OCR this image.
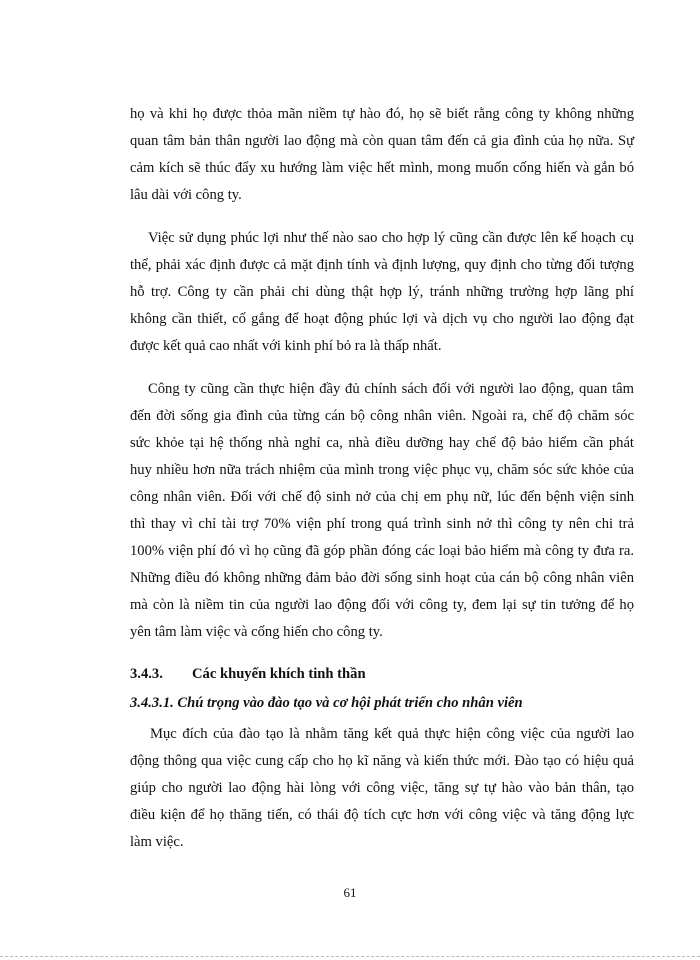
họ và khi họ được thỏa mãn niềm tự hào đó, họ sẽ biết rằng công ty không những
quan tâm bản thân người lao động mà còn quan tâm đến cả gia đình của họ nữa. Sự
cảm kích sẽ thúc đẩy xu hướng làm việc hết mình, mong muốn cống hiến và gắn bó
lâu dài với công ty.
Việc sử dụng phúc lợi như thế nào sao cho hợp lý cũng cần được lên kế hoạch cụ
thể, phải xác định được cả mặt định tính và định lượng, quy định cho từng đối tượng
hỗ trợ. Công ty cần phải chi dùng thật hợp lý, tránh những trường hợp lãng phí
không cần thiết, cố gắng để hoạt động phúc lợi và dịch vụ cho người lao động đạt
được kết quả cao nhất với kinh phí bỏ ra là thấp nhất.
Công ty cũng cần thực hiện đầy đủ chính sách đối với người lao động, quan tâm
đến đời sống gia đình của từng cán bộ công nhân viên. Ngoài ra, chế độ chăm sóc
sức khỏe tại hệ thống nhà nghỉ ca, nhà điều dưỡng hay chế độ bảo hiểm cần phát
huy nhiều hơn nữa trách nhiệm của mình trong việc phục vụ, chăm sóc sức khỏe của
công nhân viên. Đối với chế độ sinh nở của chị em phụ nữ, lúc đến bệnh viện sinh
thì thay vì chỉ tài trợ 70% viện phí trong quá trình sinh nở thì công ty nên chi trả
100% viện phí đó vì họ cũng đã góp phần đóng các loại bảo hiểm mà công ty đưa ra.
Những điều đó không những đảm bảo đời sống sinh hoạt của cán bộ công nhân viên
mà còn là niềm tin của người lao động đối với công ty, đem lại sự tin tưởng để họ
yên tâm làm việc và cống hiến cho công ty.
3.4.3. Các khuyến khích tinh thần
3.4.3.1. Chú trọng vào đào tạo và cơ hội phát triển cho nhân viên
Mục đích của đào tạo là nhằm tăng kết quả thực hiện công việc của người lao
động thông qua việc cung cấp cho họ kĩ năng và kiến thức mới. Đào tạo có hiệu quả
giúp cho người lao động hài lòng với công việc, tăng sự tự hào vào bản thân, tạo
điều kiện để họ thăng tiến, có thái độ tích cực hơn với công việc và tăng động lực
làm việc.
61
